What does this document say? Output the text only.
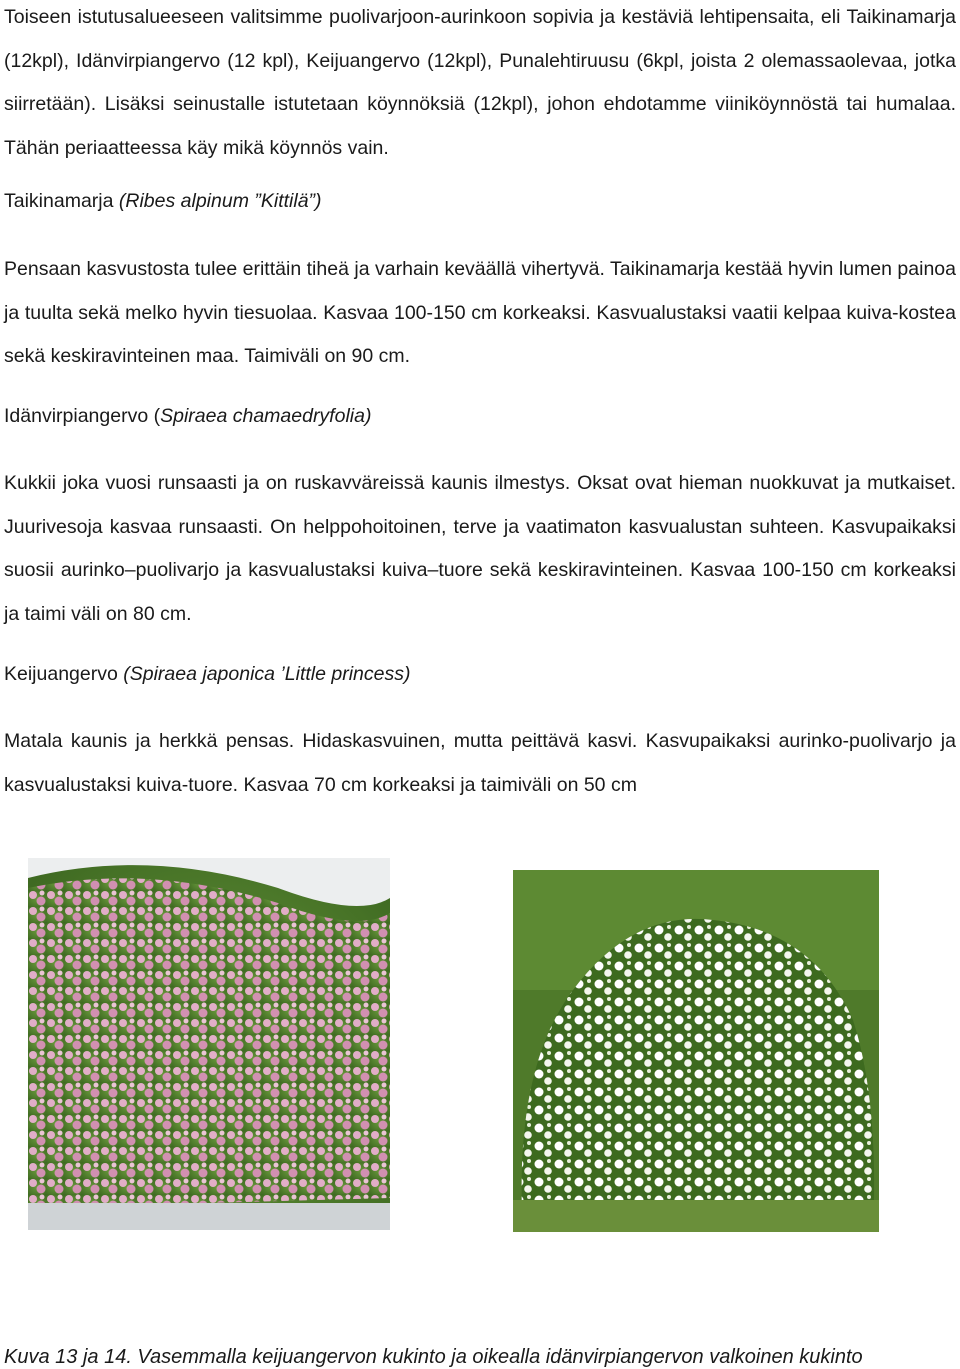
Toiseen istutusalueeseen valitsimme puolivarjoon-aurinkoon sopivia ja kestäviä lehtipensaita, eli Taikinamarja (12kpl), Idänvirpiangervo (12 kpl), Keijuangervo (12kpl), Punalehtiruusu (6kpl, joista 2 olemassaolevaa, jotka siirretään). Lisäksi seinustalle istutetaan köynnöksiä (12kpl), johon ehdotamme viiniköynnöstä tai humalaa. Tähän periaatteessa käy mikä köynnös vain.

Taikinamarja (Ribes alpinum ”Kittilä”)

Pensaan kasvustosta tulee erittäin tiheä ja varhain keväällä vihertyvä. Taikinamarja kestää hyvin lumen painoa ja tuulta sekä melko hyvin tiesuolaa. Kasvaa 100-150 cm korkeaksi. Kasvualustaksi vaatii kelpaa kuiva-kostea sekä keskiravinteinen maa. Taimiväli on 90 cm.

Idänvirpiangervo (Spiraea chamaedryfolia)

Kukkii joka vuosi runsaasti ja on ruskavväreissä kaunis ilmestys. Oksat ovat hieman nuokkuvat ja mutkaiset. Juurivesoja kasvaa runsaasti. On helppohoitoinen, terve ja vaatimaton kasvualustan suhteen. Kasvupaikaksi suosii aurinko–puolivarjo ja kasvualustaksi kuiva–tuore sekä keskiravinteinen. Kasvaa 100-150 cm korkeaksi ja taimi väli on 80 cm.

Keijuangervo (Spiraea japonica ’Little princess)

Matala kaunis ja herkkä pensas. Hidaskasvuinen, mutta peittävä kasvi. Kasvupaikaksi aurinko-puolivarjo ja kasvualustaksi kuiva-tuore. Kasvaa 70 cm korkeaksi ja taimiväli on 50 cm

Kuva 13 ja 14. Vasemmalla keijuangervon kukinto ja oikealla idänvirpiangervon valkoinen kukinto
